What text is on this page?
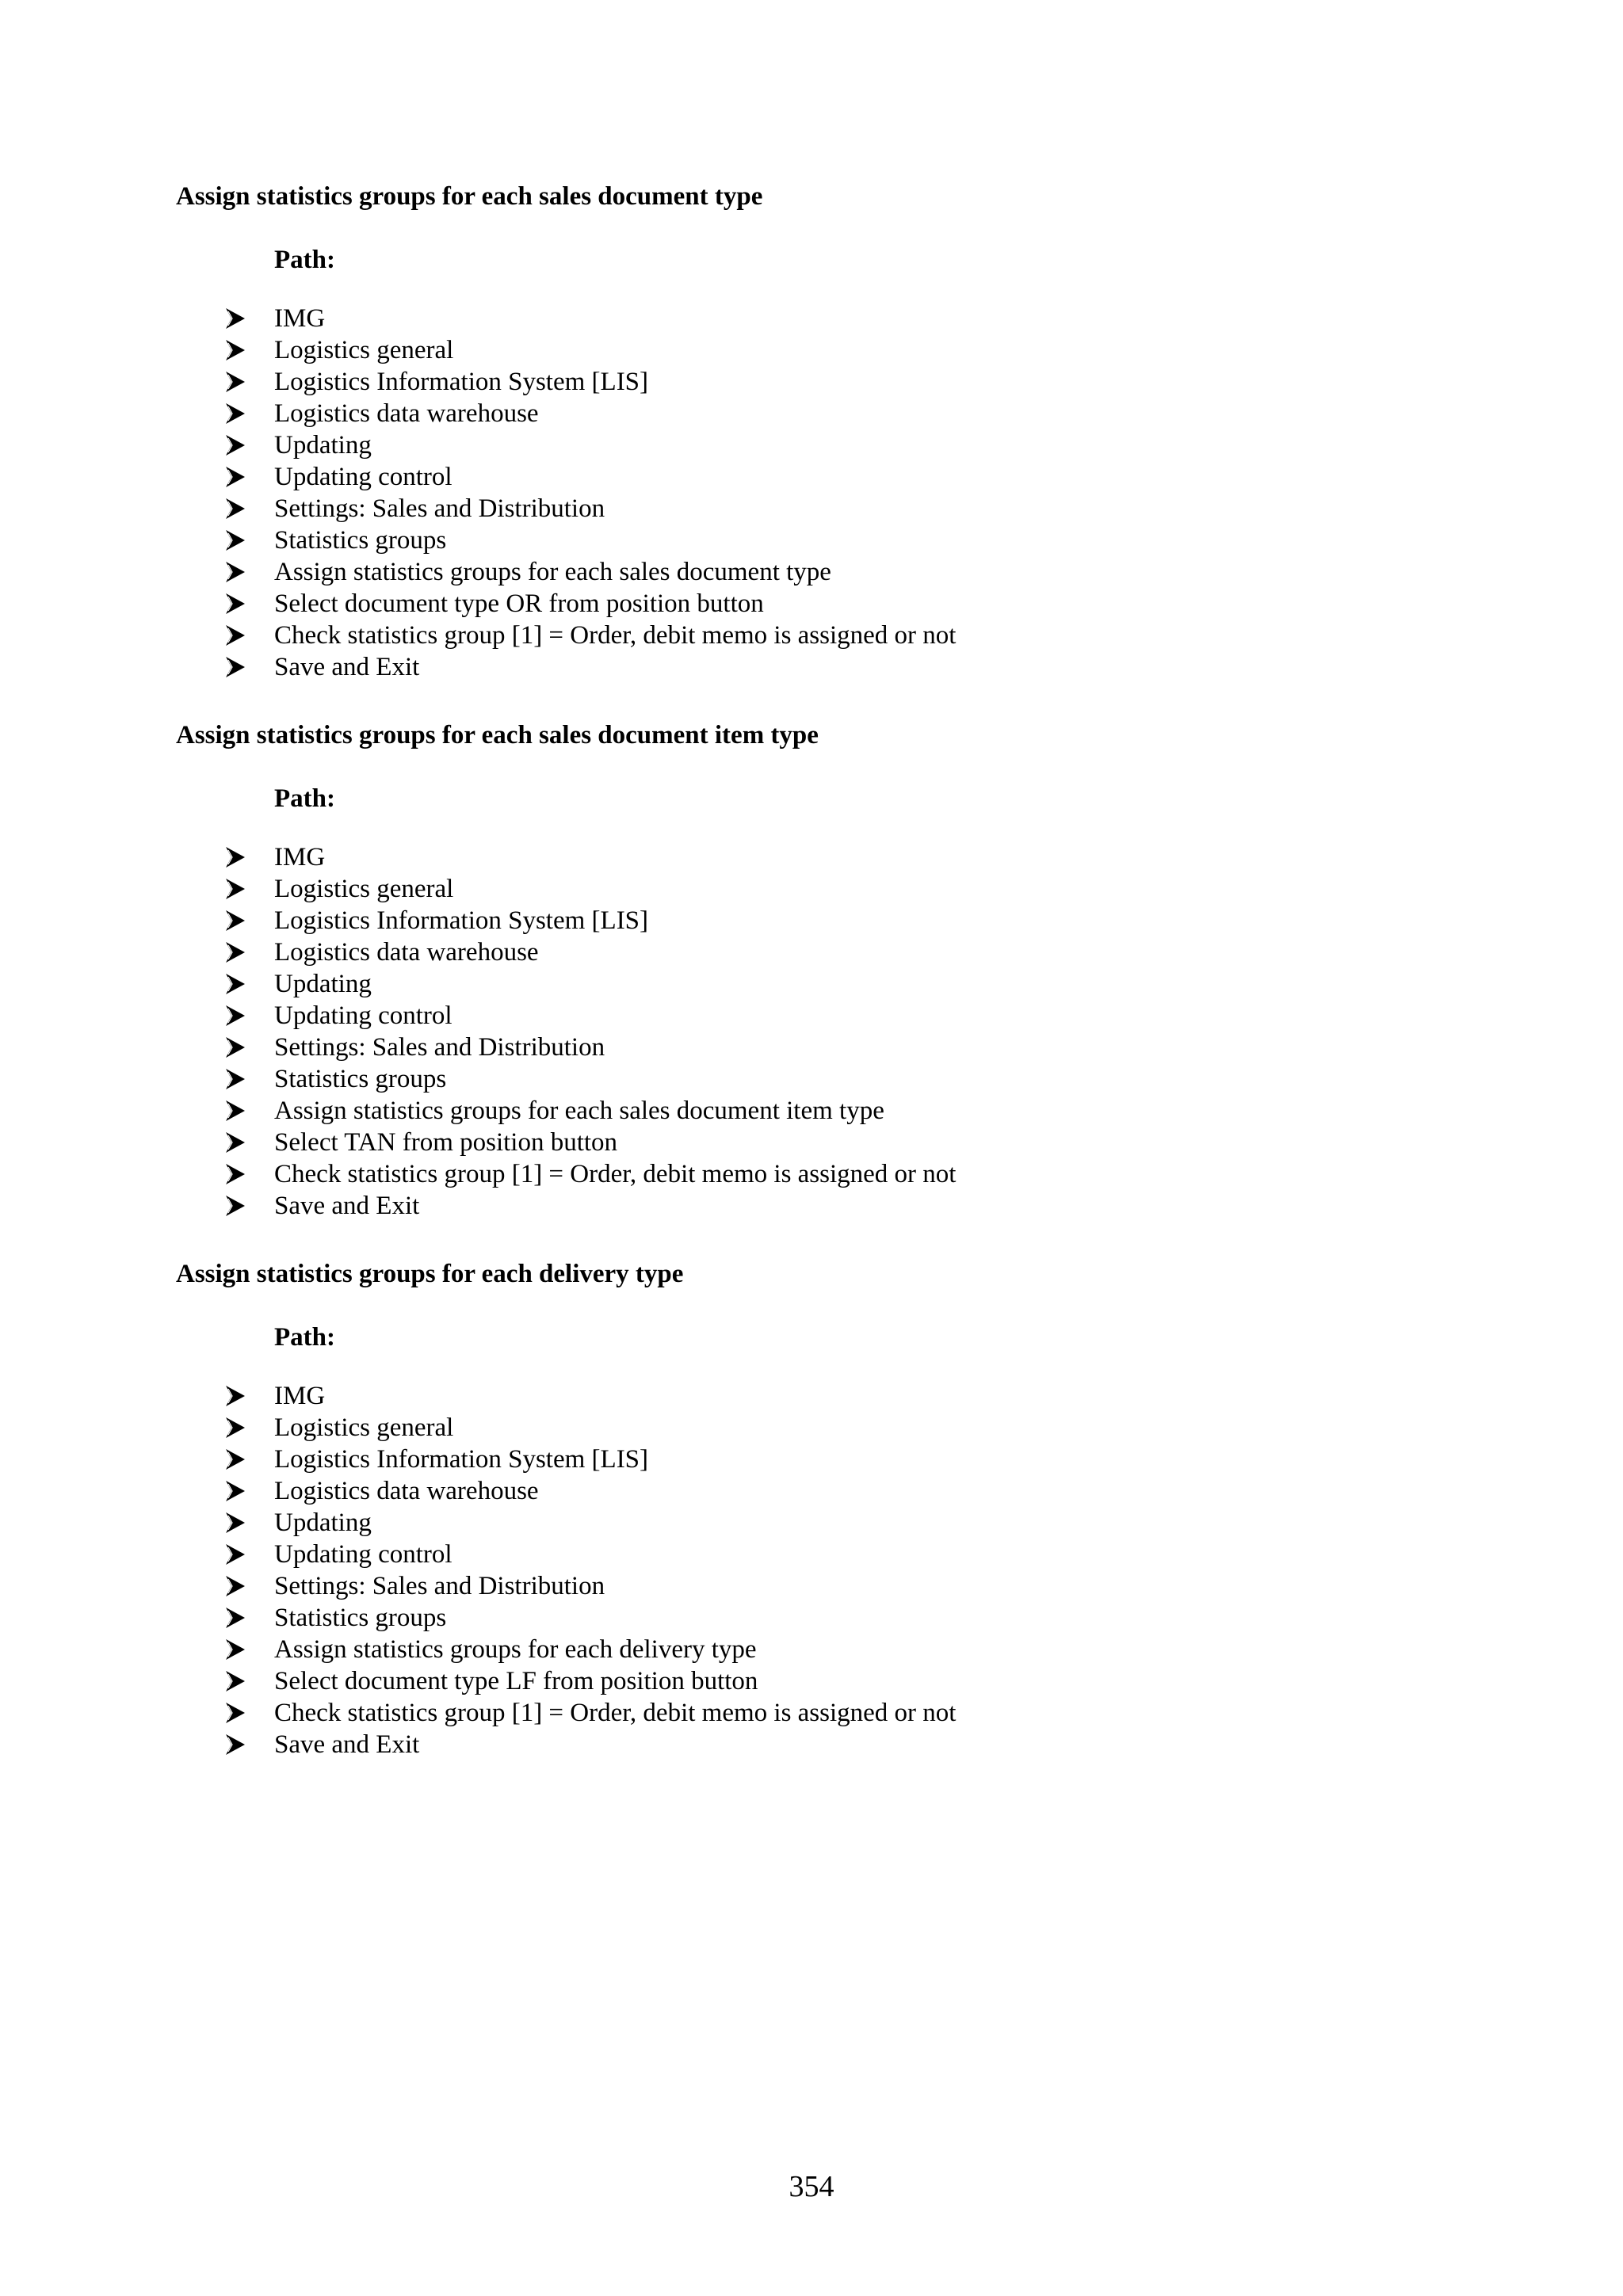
Assign statistics groups for each sales document type
Path:
IMG
Logistics general
Logistics Information System [LIS]
Logistics data warehouse
Updating
Updating control
Settings: Sales and Distribution
Statistics groups
Assign statistics groups for each sales document type
Select document type OR from position button
Check statistics group [1] = Order, debit memo is assigned or not
Save and Exit
Assign statistics groups for each sales document item type
Path:
IMG
Logistics general
Logistics Information System [LIS]
Logistics data warehouse
Updating
Updating control
Settings: Sales and Distribution
Statistics groups
Assign statistics groups for each sales document item type
Select TAN from position button
Check statistics group [1] = Order, debit memo is assigned or not
Save and Exit
Assign statistics groups for each delivery type
Path:
IMG
Logistics general
Logistics Information System [LIS]
Logistics data warehouse
Updating
Updating control
Settings: Sales and Distribution
Statistics groups
Assign statistics groups for each delivery type
Select document type LF from position button
Check statistics group [1] = Order, debit memo is assigned or not
Save and Exit
354
